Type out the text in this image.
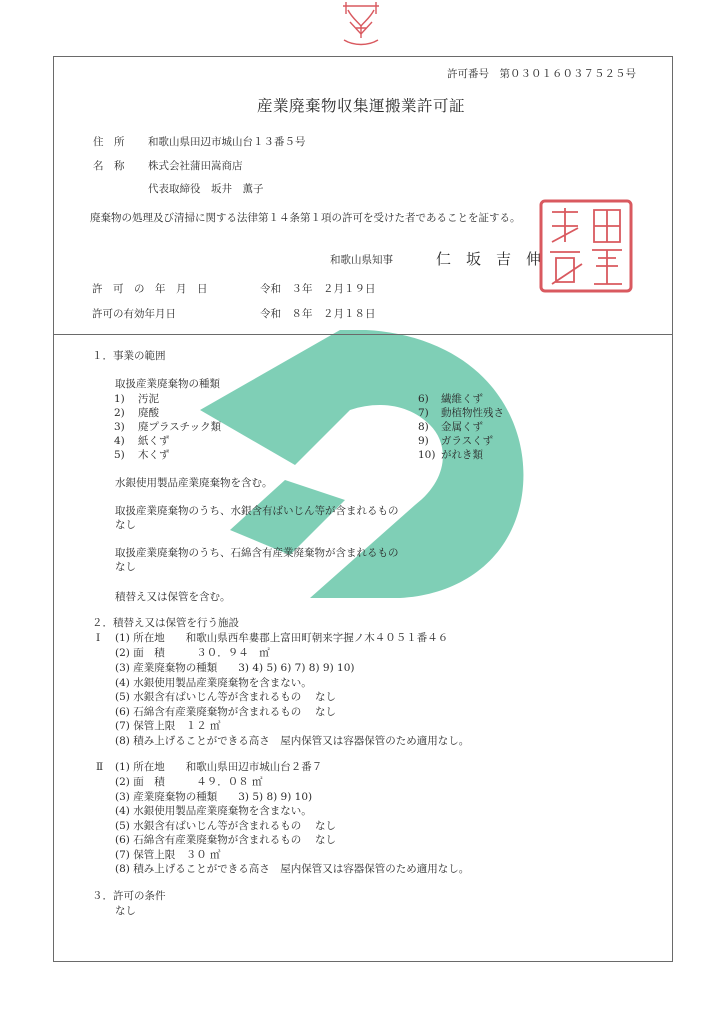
許可番号　第０３０１６０３７５２５号
産業廃棄物収集運搬業許可証
住　所 和歌山県田辺市城山台１３番５号
名　称 株式会社蒲田嵩商店
代表取締役　坂井　薫子
廃棄物の処理及び清掃に関する法律第１４条第１項の許可を受けた者であることを証する。
和歌山県知事	仁　坂　吉　伸
許　可　の　年　月　日	令和　３年　２月１９日
許可の有効年月日	令和　８年　２月１８日
１．事業の範囲
取扱産業廃棄物の種類
1) 汚泥
2) 廃酸
3) 廃プラスチック類
4) 紙くず
5) 木くず
6) 繊維くず
7) 動植物性残さ
8) 金属くず
9) ガラスくず
10) がれき類
水銀使用製品産業廃棄物を含む。
取扱産業廃棄物のうち、水銀含有ばいじん等が含まれるもの
なし
取扱産業廃棄物のうち、石綿含有産業廃棄物が含まれるもの
なし
積替え又は保管を含む。
２．積替え又は保管を行う施設
Ⅰ (1) 所在地　　和歌山県西牟婁郡上富田町朝来字握ノ木４０５１番４６
(2) 面　積　　　３０．９４　㎡
(3) 産業廃棄物の種類　　3) 4) 5) 6) 7) 8) 9) 10)
(4) 水銀使用製品産業廃棄物を含まない。
(5) 水銀含有ばいじん等が含まれるもの　 なし
(6) 石綿含有産業廃棄物が含まれるもの　 なし
(7) 保管上限　１２ ㎥
(8) 積み上げることができる高さ　屋内保管又は容器保管のため適用なし。
Ⅱ (1) 所在地　　和歌山県田辺市城山台２番７
(2) 面　積　　　４９．０８ ㎡
(3) 産業廃棄物の種類　　3) 5) 8) 9) 10)
(4) 水銀使用製品産業廃棄物を含まない。
(5) 水銀含有ばいじん等が含まれるもの　 なし
(6) 石綿含有産業廃棄物が含まれるもの　 なし
(7) 保管上限　３０ ㎥
(8) 積み上げることができる高さ　屋内保管又は容器保管のため適用なし。
３．許可の条件
なし
